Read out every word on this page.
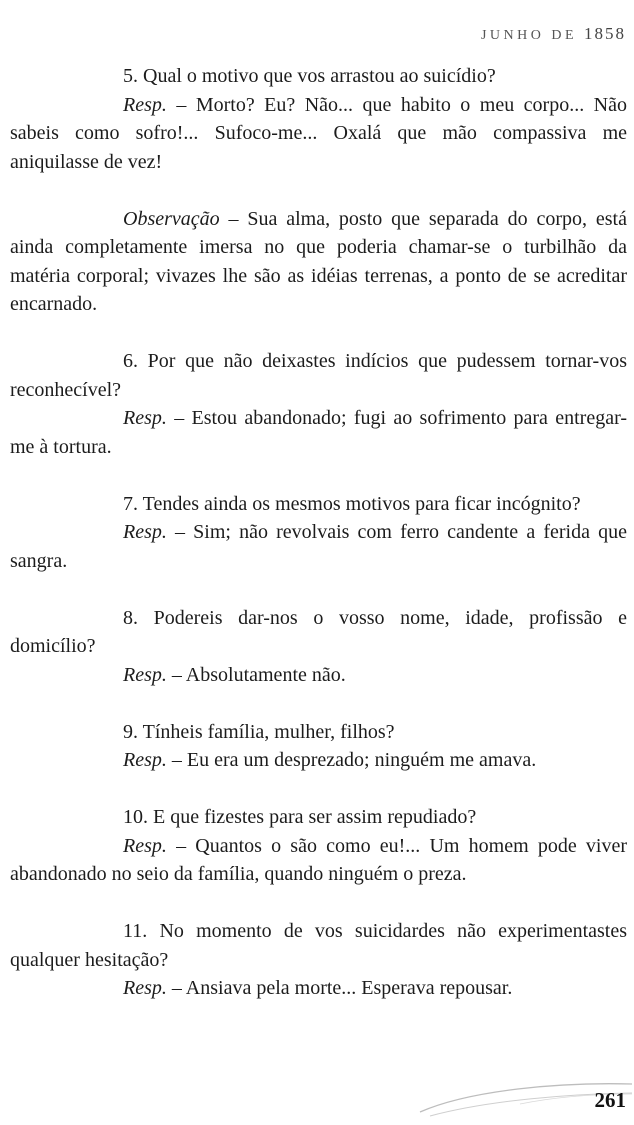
JUNHO DE 1858

5. Qual o motivo que vos arrastou ao suicídio?

Resp. – Morto? Eu? Não... que habito o meu corpo... Não sabeis como sofro!... Sufoco-me... Oxalá que mão compassiva me aniquilasse de vez!

Observação – Sua alma, posto que separada do corpo, está ainda completamente imersa no que poderia chamar-se o turbilhão da matéria corporal; vivazes lhe são as idéias terrenas, a ponto de se acreditar encarnado.

6. Por que não deixastes indícios que pudessem tornar-vos reconhecível?

Resp. – Estou abandonado; fugi ao sofrimento para entregar-me à tortura.

7. Tendes ainda os mesmos motivos para ficar incógnito?

Resp. – Sim; não revolvais com ferro candente a ferida que sangra.

8. Podereis dar-nos o vosso nome, idade, profissão e domicílio?

Resp. – Absolutamente não.

9. Tínheis família, mulher, filhos?

Resp. – Eu era um desprezado; ninguém me amava.

10. E que fizestes para ser assim repudiado?

Resp. – Quantos o são como eu!... Um homem pode viver abandonado no seio da família, quando ninguém o preza.

11. No momento de vos suicidardes não experimentastes qualquer hesitação?

Resp. – Ansiava pela morte... Esperava repousar.

261
